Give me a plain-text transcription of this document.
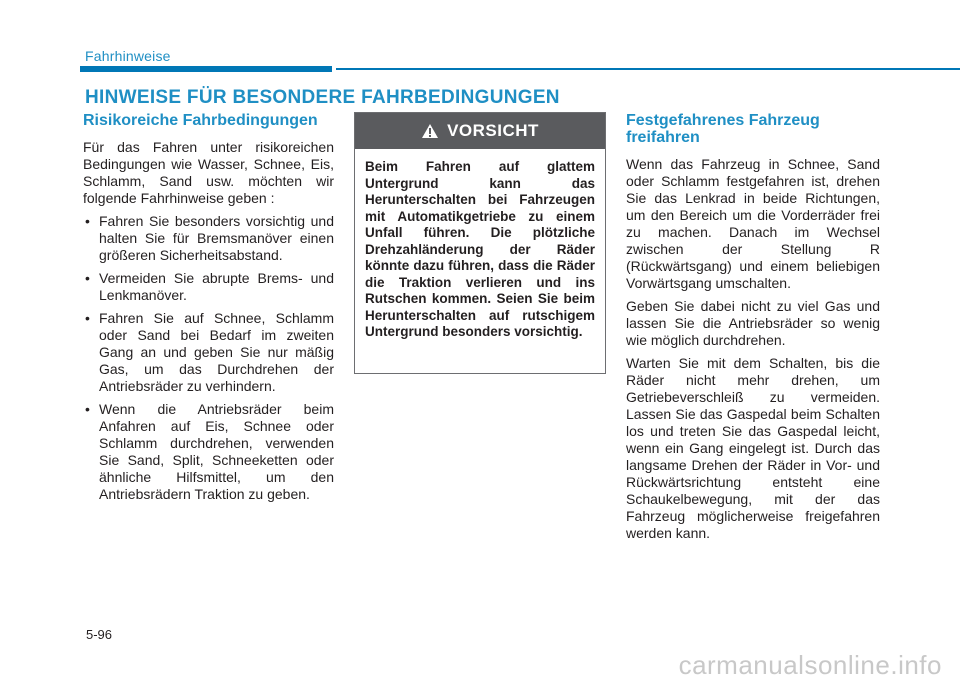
Fahrhinweise
HINWEISE FÜR BESONDERE FAHRBEDINGUNGEN
Risikoreiche Fahrbedingungen

Für das Fahren unter risikoreichen Bedingungen wie Wasser, Schnee, Eis, Schlamm, Sand usw. möchten wir folgende Fahrhinweise geben :

• Fahren Sie besonders vorsichtig und halten Sie für Bremsmanöver einen größeren Sicherheitsabstand.
• Vermeiden Sie abrupte Brems- und Lenkmanöver.
• Fahren Sie auf Schnee, Schlamm oder Sand bei Bedarf im zweiten Gang an und geben Sie nur mäßig Gas, um das Durchdrehen der Antriebsräder zu verhindern.
• Wenn die Antriebsräder beim Anfahren auf Eis, Schnee oder Schlamm durchdrehen, verwenden Sie Sand, Split, Schneeketten oder ähnliche Hilfsmittel, um den Antriebsrädern Traktion zu geben.
VORSICHT
Beim Fahren auf glattem Untergrund kann das Herunterschalten bei Fahrzeugen mit Automatikgetriebe zu einem Unfall führen. Die plötzliche Drehzahländerung der Räder könnte dazu führen, dass die Räder die Traktion verlieren und ins Rutschen kommen. Seien Sie beim Herunterschalten auf rutschigem Untergrund besonders vorsichtig.
Festgefahrenes Fahrzeug freifahren

Wenn das Fahrzeug in Schnee, Sand oder Schlamm festgefahren ist, drehen Sie das Lenkrad in beide Richtungen, um den Bereich um die Vorderräder frei zu machen. Danach im Wechsel zwischen der Stellung R (Rückwärtsgang) und einem beliebigen Vorwärtsgang umschalten.

Geben Sie dabei nicht zu viel Gas und lassen Sie die Antriebsräder so wenig wie möglich durchdrehen.

Warten Sie mit dem Schalten, bis die Räder nicht mehr drehen, um Getriebeverschleiß zu vermeiden. Lassen Sie das Gaspedal beim Schalten los und treten Sie das Gaspedal leicht, wenn ein Gang eingelegt ist. Durch das langsame Drehen der Räder in Vor- und Rückwärtsrichtung entsteht eine Schaukelbewegung, mit der das Fahrzeug möglicherweise freigefahren werden kann.

5-96
carmanualsonline.info
